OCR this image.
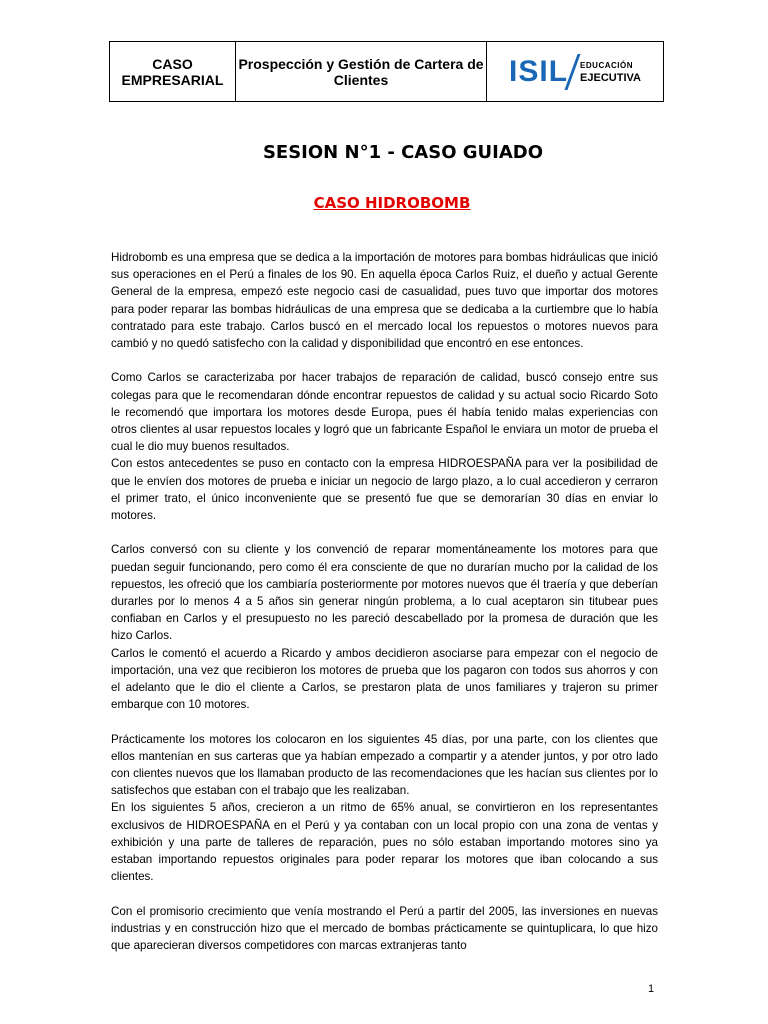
CASO EMPRESARIAL
Prospección y Gestión de Cartera de Clientes	ISIL EDUCACIÓN
EJECUTIVA
SESION N°1 - CASO GUIADO
CASO HIDROBOMB

Hidrobomb es una empresa que se dedica a la importación de motores para bombas hidráulicas que inició sus operaciones en el Perú a finales de los 90. En aquella época Carlos Ruiz, el dueño y actual Gerente General de la empresa, empezó este negocio casi de casualidad, pues tuvo que importar dos motores para poder reparar las bombas hidráulicas de una empresa que se dedicaba a la curtiembre que lo había contratado para este trabajo. Carlos buscó en el mercado local los repuestos o motores nuevos para cambió y no quedó satisfecho con la calidad y disponibilidad que encontró en ese entonces.

Como Carlos se caracterizaba por hacer trabajos de reparación de calidad, buscó consejo entre sus colegas para que le recomendaran dónde encontrar repuestos de calidad y su actual socio Ricardo Soto le recomendó que importara los motores desde Europa, pues él había tenido malas experiencias con otros clientes al usar repuestos locales y logró que un fabricante Español le enviara un motor de prueba el cual le dio muy buenos resultados.

Con estos antecedentes se puso en contacto con la empresa HIDROESPAÑA para ver la posibilidad de que le envíen dos motores de prueba e iniciar un negocio de largo plazo, a lo cual accedieron y cerraron el primer trato, el único inconveniente que se presentó fue que se demorarían 30 días en enviar lo motores.

Carlos conversó con su cliente y los convenció de reparar momentáneamente los motores para que puedan seguir funcionando, pero como él era consciente de que no durarían mucho por la calidad de los repuestos, les ofreció que los cambiaría posteriormente por motores nuevos que él traería y que deberían durarles por lo menos 4 a 5 años sin generar ningún problema, a lo cual aceptaron sin titubear pues confiaban en Carlos y el presupuesto no les pareció descabellado por la promesa de duración que les hizo Carlos.

Carlos le comentó el acuerdo a Ricardo y ambos decidieron asociarse para empezar con el negocio de importación, una vez que recibieron los motores de prueba que los pagaron con todos sus ahorros y con el adelanto que le dio el cliente a Carlos, se prestaron plata de unos familiares y trajeron su primer embarque con 10 motores.

Prácticamente los motores los colocaron en los siguientes 45 días, por una parte, con los clientes que ellos mantenían en sus carteras que ya habían empezado a compartir y a atender juntos, y por otro lado con clientes nuevos que los llamaban producto de las recomendaciones que les hacían sus clientes por lo satisfechos que estaban con el trabajo que les realizaban.

En los siguientes 5 años, crecieron a un ritmo de 65% anual, se convirtieron en los representantes exclusivos de HIDROESPAÑA en el Perú y ya contaban con un local propio con una zona de ventas y exhibición y una parte de talleres de reparación, pues no sólo estaban importando motores sino ya estaban importando repuestos originales para poder reparar los motores que iban colocando a sus clientes.

Con el promisorio crecimiento que venía mostrando el Perú a partir del 2005, las inversiones en nuevas industrias y en construcción hizo que el mercado de bombas prácticamente se quintuplicara, lo que hizo que aparecieran diversos competidores con marcas extranjeras tanto

1
